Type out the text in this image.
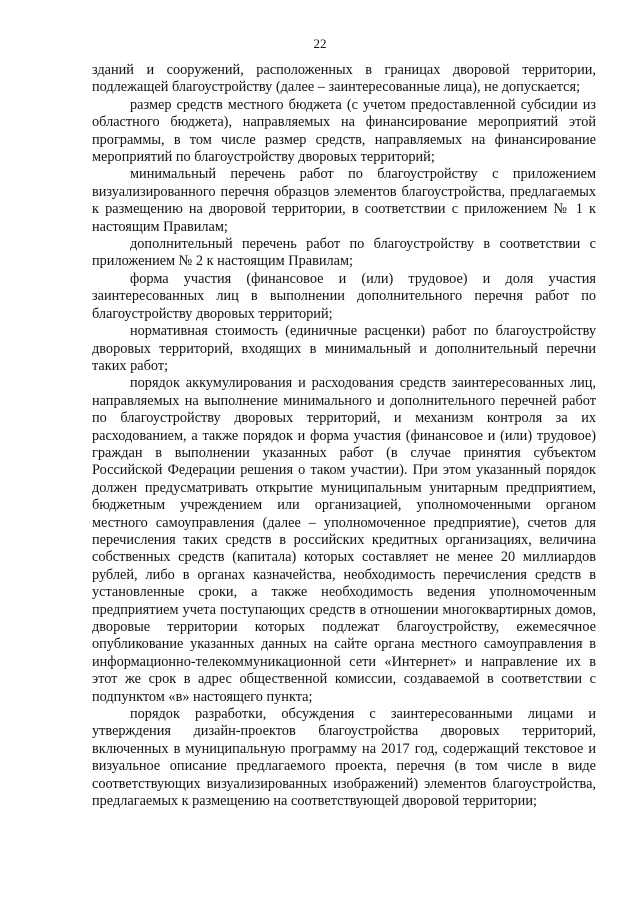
22

зданий и сооружений, расположенных в границах дворовой территории, подлежащей благоустройству (далее – заинтересованные лица), не допускается;

размер средств местного бюджета (с учетом предоставленной субсидии из областного бюджета), направляемых на финансирование мероприятий этой программы, в том числе размер средств, направляемых на финансирование мероприятий по благоустройству дворовых территорий;

минимальный перечень работ по благоустройству с приложением визуализированного перечня образцов элементов благоустройства, предлагаемых к размещению на дворовой территории, в соответствии с приложением № 1 к настоящим Правилам;

дополнительный перечень работ по благоустройству в соответствии с приложением № 2 к настоящим Правилам;

форма участия (финансовое и (или) трудовое) и доля участия заинтересованных лиц в выполнении дополнительного перечня работ по благоустройству дворовых территорий;

нормативная стоимость (единичные расценки) работ по благоустройству дворовых территорий, входящих в минимальный и дополнительный перечни таких работ;

порядок аккумулирования и расходования средств заинтересованных лиц, направляемых на выполнение минимального и дополнительного перечней работ по благоустройству дворовых территорий, и механизм контроля за их расходованием, а также порядок и форма участия (финансовое и (или) трудовое) граждан в выполнении указанных работ (в случае принятия субъектом Российской Федерации решения о таком участии). При этом указанный порядок должен предусматривать открытие муниципальным унитарным предприятием, бюджетным учреждением или организацией, уполномоченными органом местного самоуправления (далее – уполномоченное предприятие), счетов для перечисления таких средств в российских кредитных организациях, величина собственных средств (капитала) которых составляет не менее 20 миллиардов рублей, либо в органах казначейства, необходимость перечисления средств в установленные сроки, а также необходимость ведения уполномоченным предприятием учета поступающих средств в отношении многоквартирных домов, дворовые территории которых подлежат благоустройству, ежемесячное опубликование указанных данных на сайте органа местного самоуправления в информационно-телекоммуникационной сети «Интернет» и направление их в этот же срок в адрес общественной комиссии, создаваемой в соответствии с подпунктом «в» настоящего пункта;

порядок разработки, обсуждения с заинтересованными лицами и утверждения дизайн-проектов благоустройства дворовых территорий, включенных в муниципальную программу на 2017 год, содержащий текстовое и визуальное описание предлагаемого проекта, перечня (в том числе в виде соответствующих визуализированных изображений) элементов благоустройства, предлагаемых к размещению на соответствующей дворовой территории;
